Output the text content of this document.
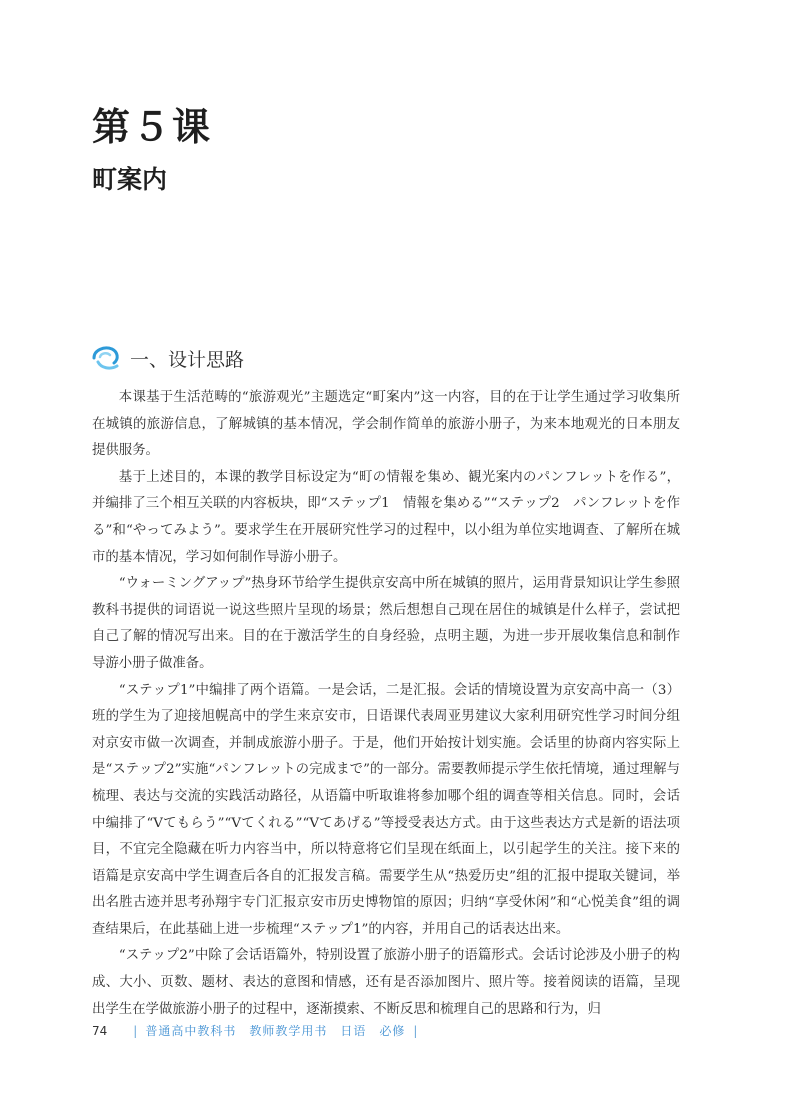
第５课
町案内
一、设计思路

本课基于生活范畴的“旅游观光”主题选定“町案内”这一内容，目的在于让学生通过学习收集所在城镇的旅游信息，了解城镇的基本情况，学会制作简单的旅游小册子，为来本地观光的日本朋友提供服务。

基于上述目的，本课的教学目标设定为“町の情報を集め、観光案内のパンフレットを作る”，并编排了三个相互关联的内容板块，即“ステップ1　情報を集める”“ステップ2　パンフレットを作る”和“やってみよう”。要求学生在开展研究性学习的过程中，以小组为单位实地调查、了解所在城市的基本情况，学习如何制作导游小册子。

“ウォーミングアップ”热身环节给学生提供京安高中所在城镇的照片，运用背景知识让学生参照教科书提供的词语说一说这些照片呈现的场景；然后想想自己现在居住的城镇是什么样子，尝试把自己了解的情况写出来。目的在于激活学生的自身经验，点明主题，为进一步开展收集信息和制作导游小册子做准备。

“ステップ1”中编排了两个语篇。一是会话，二是汇报。会话的情境设置为京安高中高一（3）班的学生为了迎接旭幌高中的学生来京安市，日语课代表周亚男建议大家利用研究性学习时间分组对京安市做一次调查，并制成旅游小册子。于是，他们开始按计划实施。会话里的协商内容实际上是“ステップ2”实施“パンフレットの完成まで”的一部分。需要教师提示学生依托情境，通过理解与梳理、表达与交流的实践活动路径，从语篇中听取谁将参加哪个组的调查等相关信息。同时，会话中编排了“Vてもらう”“Vてくれる”“Vてあげる”等授受表达方式。由于这些表达方式是新的语法项目，不宜完全隐藏在听力内容当中，所以特意将它们呈现在纸面上，以引起学生的关注。接下来的语篇是京安高中学生调查后各自的汇报发言稿。需要学生从“热爱历史”组的汇报中提取关键词，举出名胜古迹并思考孙翔宇专门汇报京安市历史博物馆的原因；归纳“享受休闲”和“心悦美食”组的调查结果后，在此基础上进一步梳理“ステップ1”的内容，并用自己的话表达出来。

“ステップ2”中除了会话语篇外，特别设置了旅游小册子的语篇形式。会话讨论涉及小册子的构成、大小、页数、题材、表达的意图和情感，还有是否添加图片、照片等。接着阅读的语篇，呈现出学生在学做旅游小册子的过程中，逐渐摸索、不断反思和梳理自己的思路和行为，归

74 | 普通高中教科书　教师教学用书　日语　必修 |
